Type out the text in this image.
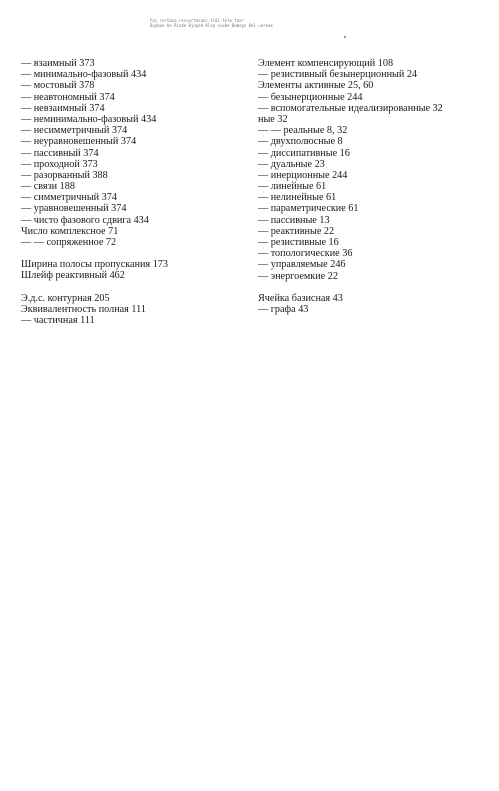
Fai rortasa ressortesanc.tl01 tele taxr
Buyboe be Riode Bjoped Alep sxxbe Bamsgs Bel.=ereek
— взаимный 373
— минимально-фазовый 434
— мостовый 378
— неавтономный 374
— невзаимный 374
— неминимально-фазовый 434
— несимметричный 374
— неуравновешенный 374
— пассивный 374
— проходной 373
— разорванный 388
— связи 188
— симметричный 374
— уравновешенный 374
— чисто фазового сдвига 434
Число комплексное 71
— — сопряженное 72
Ширина полосы пропускания 173
Шлейф реактивный 462
Э.д.с. контурная 205
Эквивалентность полная 111
— частичная 111
Элемент компенсирующий 108
— резистивный безынерционный 24
Элементы активные 25, 60
— безынерционные 244
— вспомогательные идеализированные 32
ные 32
— — реальные 8, 32
— двухполюсные 8
— диссипативные 16
— дуальные 23
— инерционные 244
— линейные 61
— нелинейные 61
— параметрические 61
— пассивные 13
— реактивные 22
— резистивные 16
— топологические 36
— управляемые 246
— энергоемкие 22
Ячейка базисная 43
— графа 43
